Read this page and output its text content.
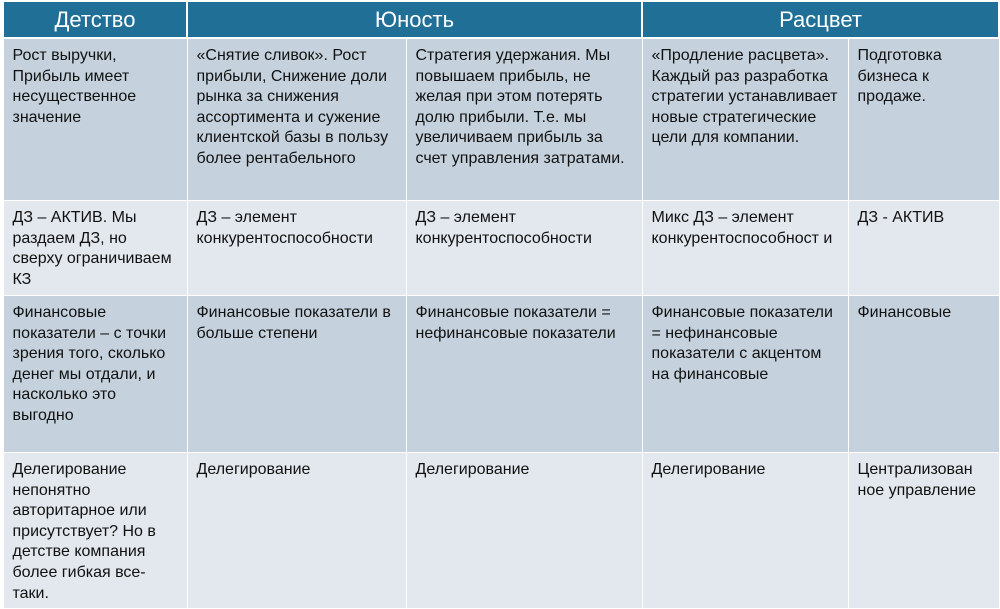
Детство	Юность		Расцвет	
Рост выручки, Прибыль имеет несущественное значение	«Снятие сливок». Рост прибыли, Снижение доли рынка за снижения ассортимента и сужение клиентской базы в пользу более рентабельного	Стратегия удержания. Мы повышаем прибыль, не желая при этом потерять долю прибыли. Т.е. мы увеличиваем прибыль за счет управления затратами.	«Продление расцвета». Каждый раз разработка стратегии устанавливает новые стратегические цели для компании.	Подготовка бизнеса к продаже.
ДЗ – АКТИВ. Мы раздаем ДЗ, но сверху ограничиваем КЗ	ДЗ – элемент конкурентоспособности	ДЗ – элемент конкурентоспособности	Микс ДЗ – элемент конкурентоспособност и	ДЗ - АКТИВ
Финансовые показатели – с точки зрения того, сколько денег мы отдали, и насколько это выгодно	Финансовые показатели в больше степени	Финансовые показатели = нефинансовые показатели	Финансовые показатели = нефинансовые показатели с акцентом на финансовые	Финансовые
Делегирование непонятно авторитарное или присутствует? Но в детстве компания более гибкая все-таки.	Делегирование	Делегирование	Делегирование	Централизован ное управление
